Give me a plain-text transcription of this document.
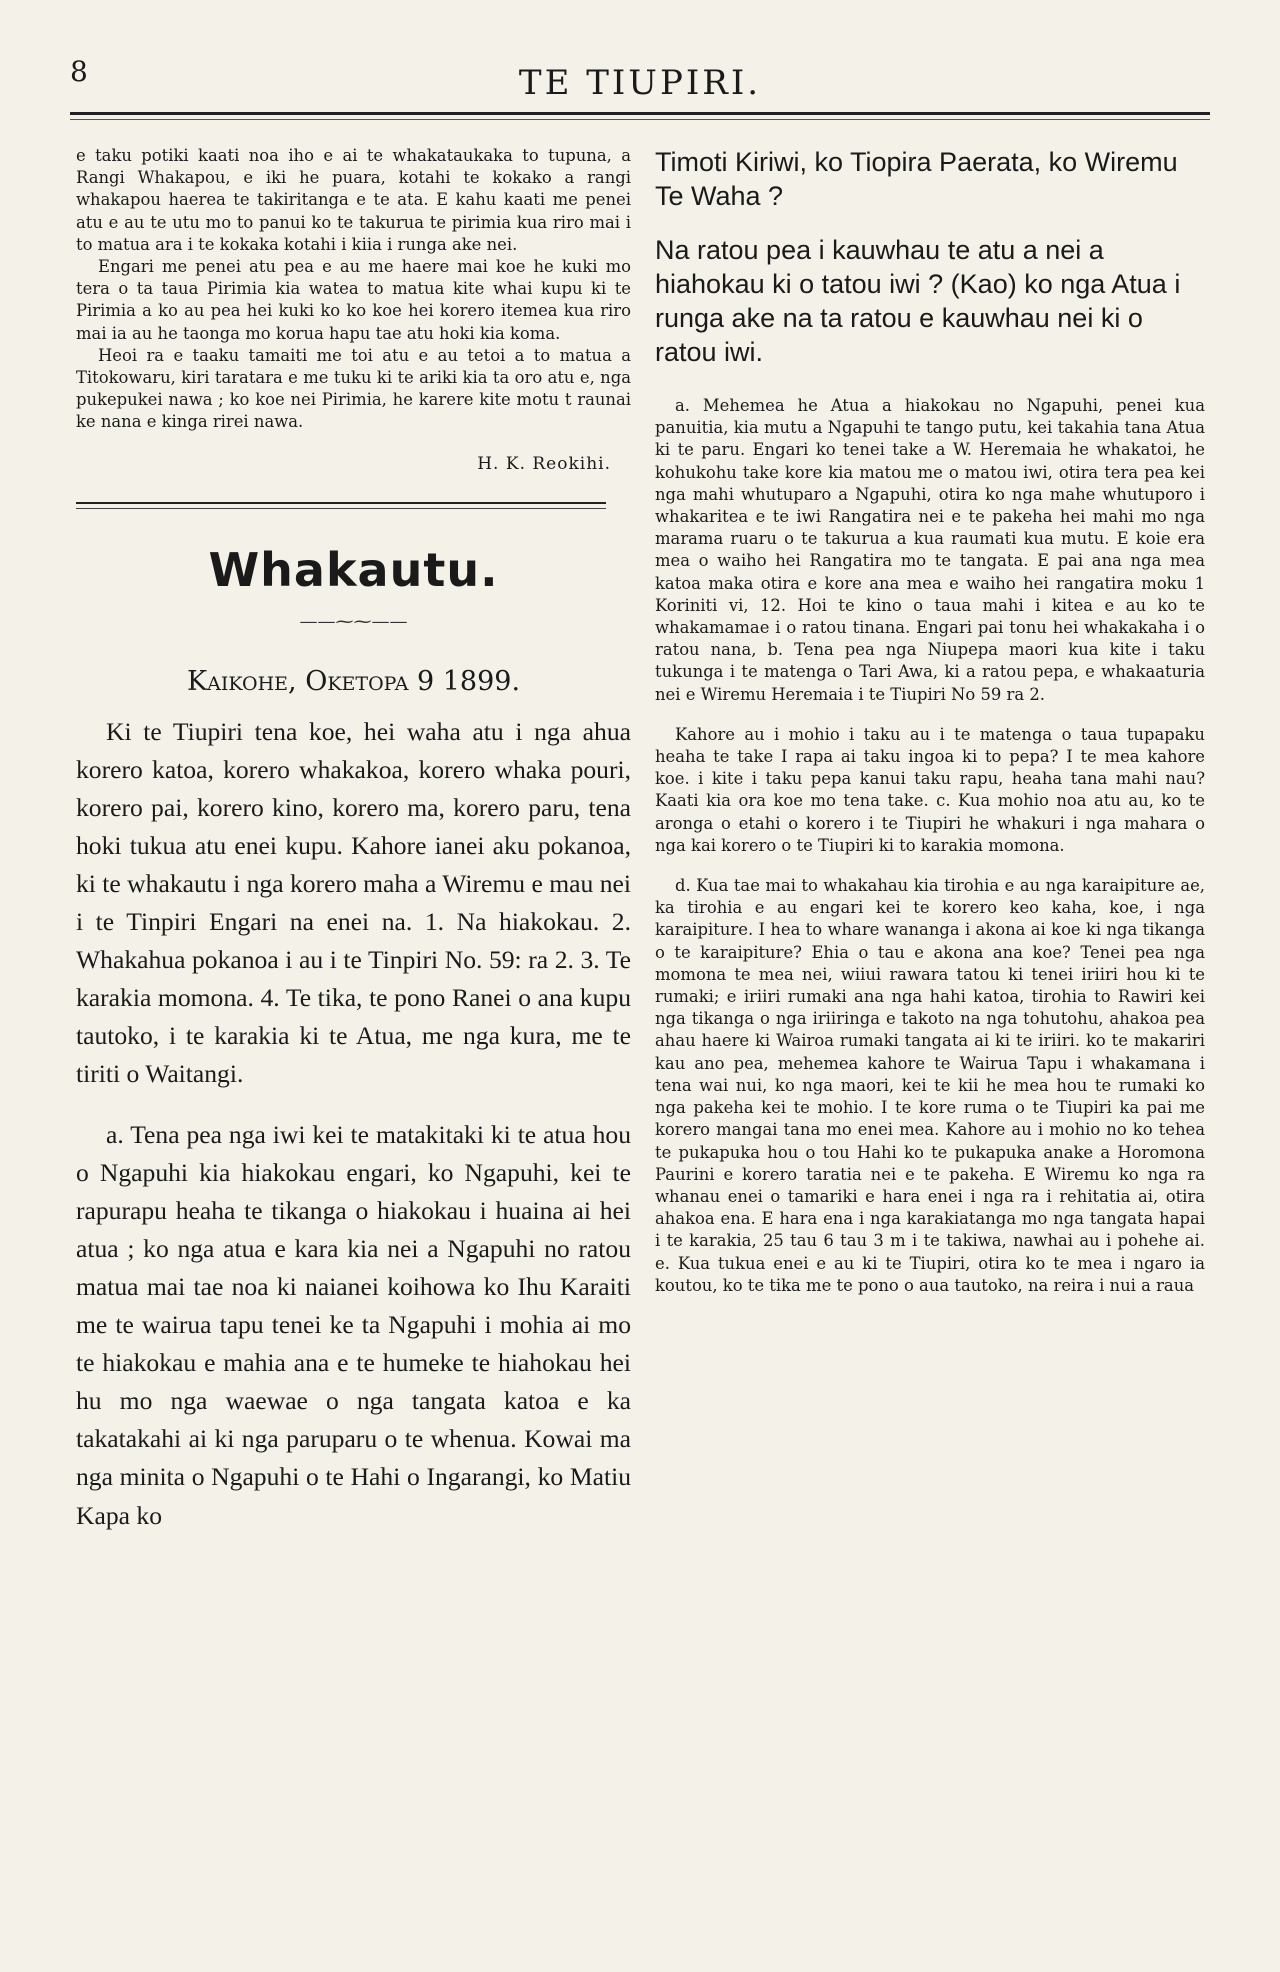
8	TE TIUPIRI.

e taku potiki kaati noa iho e ai te whakataukaka to tupuna, a Rangi Whakapou, e iki he puara, kotahi te kokako a rangi whakapou haerea te takiritanga e te ata. E kahu kaati me penei atu e au te utu mo to panui ko te takurua te pirimia kua riro mai i to matua ara i te kokaka kotahi i kiia i runga ake nei.

Engari me penei atu pea e au me haere mai koe he kuki mo tera o ta taua Pirimia kia watea to matua kite whai kupu ki te Pirimia a ko au pea hei kuki ko ko koe hei korero itemea kua riro mai ia au he taonga mo korua hapu tae atu hoki kia koma.

Heoi ra e taaku tamaiti me toi atu e au tetoi a to matua a Titokowaru, kiri taratara e me tuku ki te ariki kia ta oro atu e, nga pukepukei nawa ; ko koe nei Pirimia, he karere kite motu t raunai ke nana e kinga rirei nawa.

H. K. Reokihi.
Whakautu.
——⁓⁓——
Kaikohe, Oketopa 9 1899.

Ki te Tiupiri tena koe, hei waha atu i nga ahua korero katoa, korero whakakoa, korero whaka pouri, korero pai, korero kino, korero ma, korero paru, tena hoki tukua atu enei kupu. Kahore ianei aku pokanoa, ki te whakautu i nga korero maha a Wiremu e mau nei i te Tinpiri Engari na enei na. 1. Na hiakokau. 2. Whakahua pokanoa i au i te Tinpiri No. 59: ra 2. 3. Te karakia momona. 4. Te tika, te pono Ranei o ana kupu tautoko, i te karakia ki te Atua, me nga kura, me te tiriti o Waitangi.

a. Tena pea nga iwi kei te matakitaki ki te atua hou o Ngapuhi kia hiakokau engari, ko Ngapuhi, kei te rapurapu heaha te tikanga o hiakokau i huaina ai hei atua ; ko nga atua e kara kia nei a Ngapuhi no ratou matua mai tae noa ki naianei koihowa ko Ihu Karaiti me te wairua tapu tenei ke ta Ngapuhi i mohia ai mo te hiakokau e mahia ana e te humeke te hiahokau hei hu mo nga waewae o nga tangata katoa e ka takatakahi ai ki nga paruparu o te whenua. Kowai ma nga minita o Ngapuhi o te Hahi o Ingarangi, ko Matiu Kapa ko

Timoti Kiriwi, ko Tiopira Paerata, ko Wiremu Te Waha ?

Na ratou pea i kauwhau te atu a nei a hiahokau ki o tatou iwi ? (Kao) ko nga Atua i runga ake na ta ratou e kauwhau nei ki o ratou iwi.

a. Mehemea he Atua a hiakokau no Ngapuhi, penei kua panuitia, kia mutu a Ngapuhi te tango putu, kei takahia tana Atua ki te paru. Engari ko tenei take a W. Heremaia he whakatoi, he kohukohu take kore kia matou me o matou iwi, otira tera pea kei nga mahi whutuparo a Ngapuhi, otira ko nga mahe whutuporo i whakaritea e te iwi Rangatira nei e te pakeha hei mahi mo nga marama ruaru o te takurua a kua raumati kua mutu. E koie era mea o waiho hei Rangatira mo te tangata. E pai ana nga mea katoa maka otira e kore ana mea e waiho hei rangatira moku 1 Koriniti vi, 12. Hoi te kino o taua mahi i kitea e au ko te whakamamae i o ratou tinana. Engari pai tonu hei whakakaha i o ratou nana, b. Tena pea nga Niupepa maori kua kite i taku tukunga i te matenga o Tari Awa, ki a ratou pepa, e whakaaturia nei e Wiremu Heremaia i te Tiupiri No 59 ra 2.

Kahore au i mohio i taku au i te matenga o taua tupapaku heaha te take I rapa ai taku ingoa ki to pepa? I te mea kahore koe. i kite i taku pepa kanui taku rapu, heaha tana mahi nau? Kaati kia ora koe mo tena take. c. Kua mohio noa atu au, ko te aronga o etahi o korero i te Tiupiri he whakuri i nga mahara o nga kai korero o te Tiupiri ki to karakia momona.

d. Kua tae mai to whakahau kia tirohia e au nga karaipiture ae, ka tirohia e au engari kei te korero keo kaha, koe, i nga karaipiture. I hea to whare wananga i akona ai koe ki nga tikanga o te karaipiture? Ehia o tau e akona ana koe? Tenei pea nga momona te mea nei, wiiui rawara tatou ki tenei iriiri hou ki te rumaki; e iriiri rumaki ana nga hahi katoa, tirohia to Rawiri kei nga tikanga o nga iriiringa e takoto na nga tohutohu, ahakoa pea ahau haere ki Wairoa rumaki tangata ai ki te iriiri. ko te makariri kau ano pea, mehemea kahore te Wairua Tapu i whakamana i tena wai nui, ko nga maori, kei te kii he mea hou te rumaki ko nga pakeha kei te mohio. I te kore ruma o te Tiupiri ka pai me korero mangai tana mo enei mea. Kahore au i mohio no ko tehea te pukapuka hou o tou Hahi ko te pukapuka anake a Horomona Paurini e korero taratia nei e te pakeha. E Wiremu ko nga ra whanau enei o tamariki e hara enei i nga ra i rehitatia ai, otira ahakoa ena. E hara ena i nga karakiatanga mo nga tangata hapai i te karakia, 25 tau 6 tau 3 m i te takiwa, nawhai au i pohehe ai. e. Kua tukua enei e au ki te Tiupiri, otira ko te mea i ngaro ia koutou, ko te tika me te pono o aua tautoko, na reira i nui a raua
